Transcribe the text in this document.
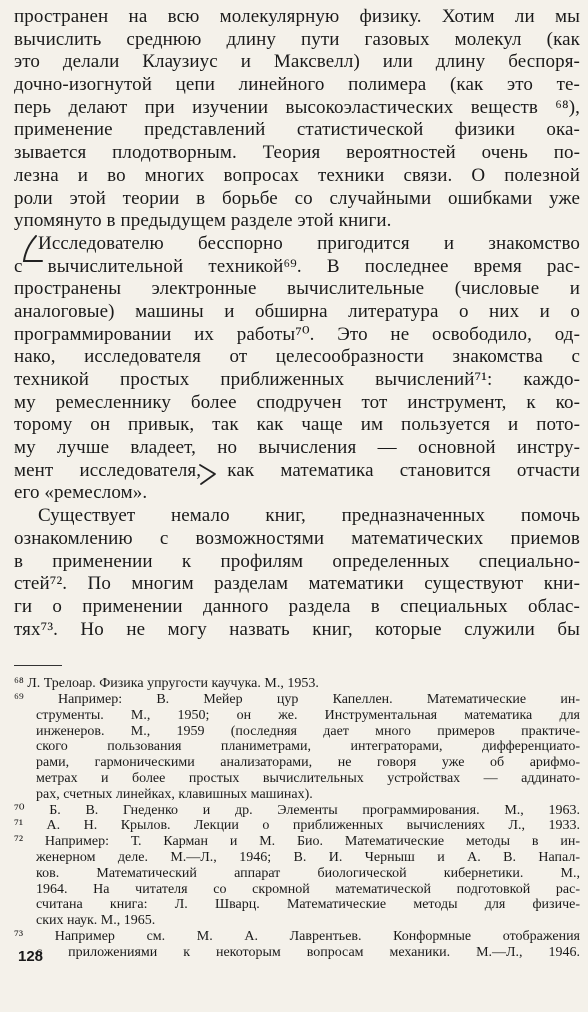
пространен на всю молекулярную физику. Хотим ли мы
вычислить среднюю длину пути газовых молекул (как
это делали Клаузиус и Максвелл) или длину беспоря-
дочно-изогнутой цепи линейного полимера (как это те-
перь делают при изучении высокоэластических веществ ⁶⁸),
применение представлений статистической физики ока-
зывается плодотворным. Теория вероятностей очень по-
лезна и во многих вопросах техники связи. О полезной
роли этой теории в борьбе со случайными ошибками уже
упомянуто в предыдущем разделе этой книги.
Исследователю бесспорно пригодится и знакомство
с вычислительной техникой⁶⁹. В последнее время рас-
пространены электронные вычислительные (числовые и
аналоговые) машины и обширна литература о них и о
программировании их работы⁷⁰. Это не освободило, од-
нако, исследователя от целесообразности знакомства с
техникой простых приближенных вычислений⁷¹: каждо-
му ремесленнику более сподручен тот инструмент, к ко-
торому он привык, так как чаще им пользуется и пото-
му лучше владеет, но вычисления — основной инстру-
мент исследователя, как математика становится отчасти
его «ремеслом».
Существует немало книг, предназначенных помочь
ознакомлению с возможностями математических приемов
в применении к профилям определенных специально-
стей⁷². По многим разделам математики существуют кни-
ги о применении данного раздела в специальных облас-
тях⁷³. Но не могу назвать книг, которые служили бы
⁶⁸ Л. Трелоар. Физика упругости каучука. М., 1953.
⁶⁹ Например: В. Мейер цур Капеллен. Математические ин-
струменты. М., 1950; он же. Инструментальная математика для
инженеров. М., 1959 (последняя дает много примеров практиче-
ского пользования планиметрами, интеграторами, дифференциато-
рами, гармоническими анализаторами, не говоря уже об арифмо-
метрах и более простых вычислительных устройствах — аддинато-
рах, счетных линейках, клавишных машинах).
⁷⁰ Б. В. Гнеденко и др. Элементы программирования. М., 1963.
⁷¹ А. Н. Крылов. Лекции о приближенных вычислениях Л., 1933.
⁷² Например: Т. Карман и М. Био. Математические методы в ин-
женерном деле. М.—Л., 1946; В. И. Черныш и А. В. Напал-
ков. Математический аппарат биологической кибернетики. М.,
1964. На читателя со скромной математической подготовкой рас-
считана книга: Л. Шварц. Математические методы для физиче-
ских наук. М., 1965.
⁷³ Например см. М. А. Лаврентьев. Конформные отображения
с приложениями к некоторым вопросам механики. М.—Л., 1946.
128
